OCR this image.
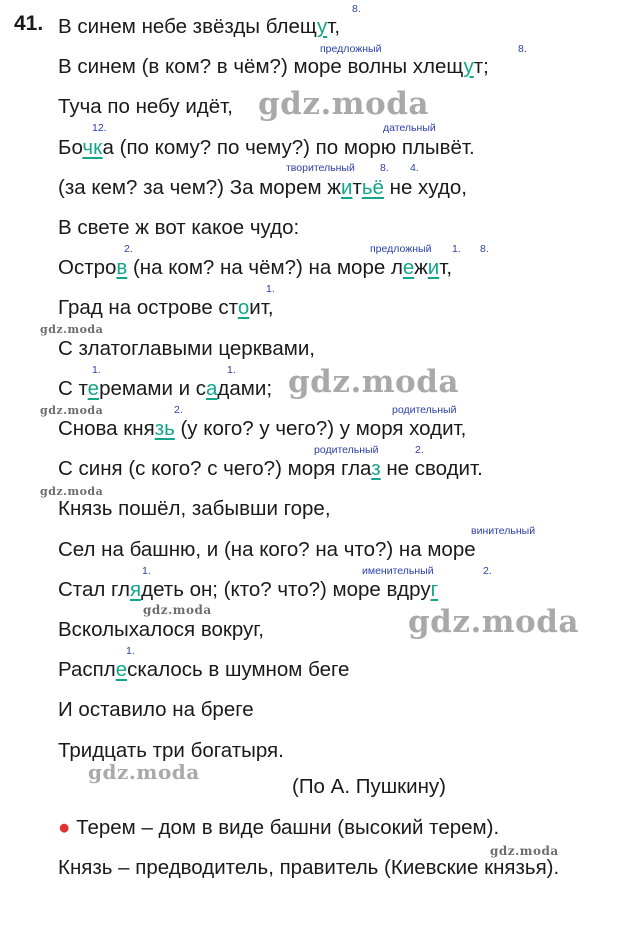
41. В синем небе звёзды блещут,
В синем (в ком? в чём?) море волны хлещут;
Туча по небу идёт,
Бочка (по кому? по чему?) по морю плывёт.
(за кем? за чем?) За морем житьё не худо,
В свете ж вот какое чудо:
Остров (на ком? на чём?) на море лежит,
Град на острове стоит,
С златоглавыми церквами,
С теремами и садами;
Снова князь (у кого? у чего?) у моря ходит,
С синя (с кого? с чего?) моря глаз не сводит.
Князь пошёл, забывши горе,
Сел на башню, и (на кого? на что?) на море
Стал глядеть он; (кто? что?) море вдруг
Всколыхалося вокруг,
Расплескалось в шумном беге
И оставило на бреге
Тридцать три богатыря.
8.
предложный	8.
12.	дательный
творительный 8. 4.
2.	предложный 1. 8.
1.
1.	1.
2.	родительный
родительный	2.
винительный
1.	именительный	2.
1.
(По А. Пушкину)
● Терем – дом в виде башни (высокий терем).
Князь – предводитель, правитель (Киевские князья).
gdz.moda
gdz.moda
gdz.moda
gdz.moda
gdz.moda
gdz.moda
gdz.moda
gdz.moda
gdz.moda
